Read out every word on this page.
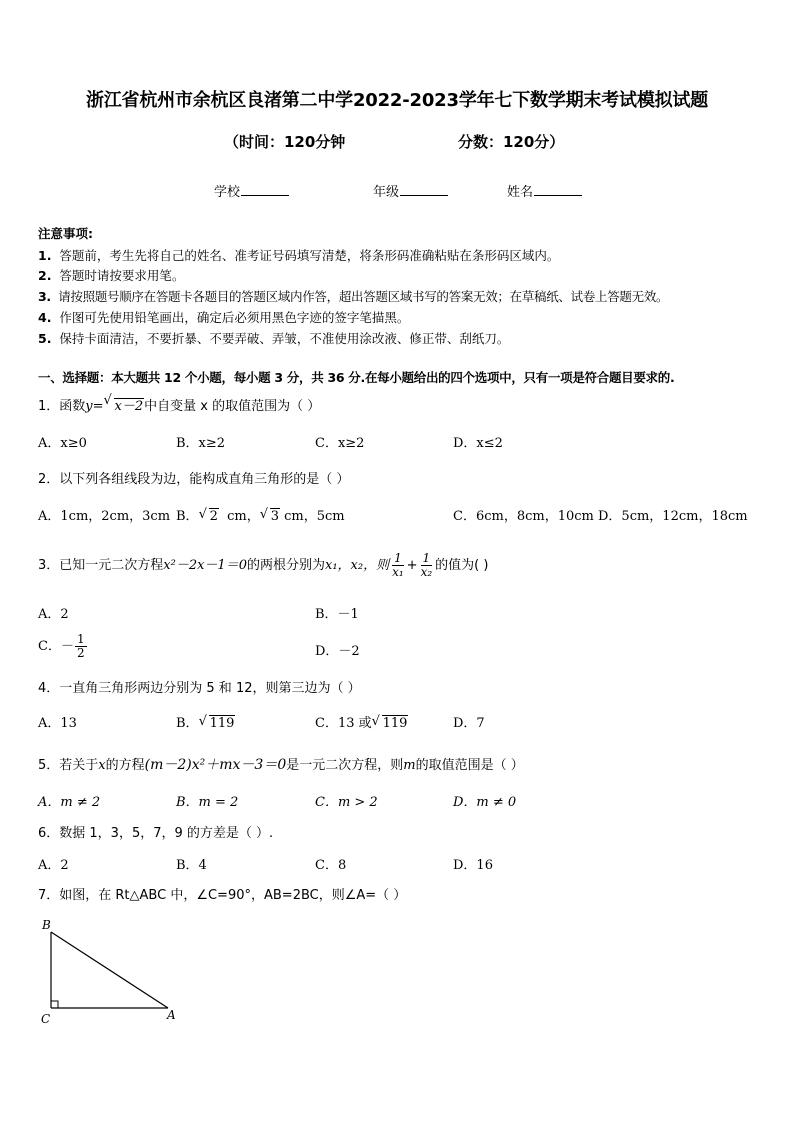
浙江省杭州市余杭区良渚第二中学2022-2023学年七下数学期末考试模拟试题
（时间：120分钟	分数：120分）
学校	年级	姓名
注意事项:
1. 答题前，考生先将自己的姓名、准考证号码填写清楚，将条形码准确粘贴在条形码区域内。
2. 答题时请按要求用笔。
3. 请按照题号顺序在答题卡各题目的答题区域内作答，超出答题区域书写的答案无效；在草稿纸、试卷上答题无效。
4. 作图可先使用铅笔画出，确定后必须用黑色字迹的签字笔描黑。
5. 保持卡面清洁，不要折暴、不要弄破、弄皱，不准使用涂改液、修正带、刮纸刀。
一、选择题：本大题共 12 个小题，每小题 3 分，共 36 分.在每小题给出的四个选项中，只有一项是符合题目要求的.
1．函数y= √ x－2中自变量 x 的取值范围为（ ）
A．x≥0	B．x≥2	C．x≥2	D．x≤2
2．以下列各组线段为边，能构成直角三角形的是（ ）
A．1cm，2cm，3cm B． √ 2 cm， √ 3 cm，5cm	C．6cm，8cm，10cm D．5cm，12cm，18cm
3．已知一元二次方程x²－2x－1＝0的两根分别为x₁，x₂，则 $\frac{1}{\text{x₁}} + \frac{1}{\text{x₂}}$ 的值为( )
A．2	B．－1
C．－ $\frac{1}{2}$	D．－2
4．一直角三角形两边分别为 5 和 12，则第三边为（ ）
A．13	B． √ 119	C．13 或 √ 119	D．7
5．若关于x的方程(m－2)x²＋mx－3＝0是一元二次方程，则m的取值范围是（ ）
A．m ≠ 2	B．m = 2	C．m > 2	D．m ≠ 0
6．数据 1，3，5，7，9 的方差是（ ）.
A．2	B．4	C．8	D．16
7．如图，在 Rt△ABC 中，∠C=90°，AB=2BC，则∠A=（ ）
B
C	A
